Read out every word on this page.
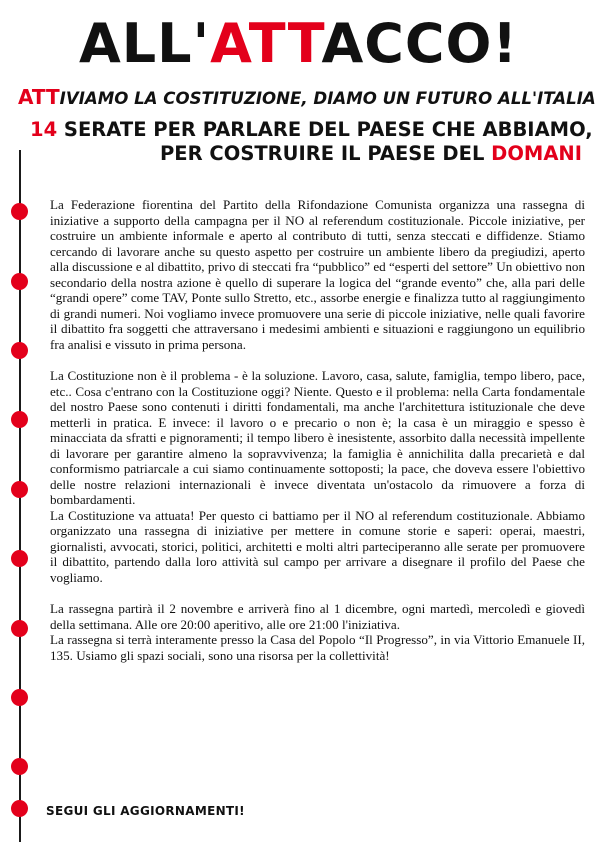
ALL'ATTACCO!
ATTIVIAMO LA COSTITUZIONE, DIAMO UN FUTURO ALL'ITALIA
14 SERATE PER PARLARE DEL PAESE CHE ABBIAMO,
PER COSTRUIRE IL PAESE DEL DOMANI

La Federazione fiorentina del Partito della Rifondazione Comunista organizza una rassegna di iniziative a supporto della campagna per il NO al referendum costituzionale. Piccole iniziative, per costruire un ambiente informale e aperto al contributo di tutti, senza steccati e diffidenze. Stiamo cercando di lavorare anche su questo aspetto per costruire un ambiente libero da pregiudizi, aperto alla discussione e al dibattito, privo di steccati fra “pubblico” ed “esperti del settore” Un obiettivo non secondario della nostra azione è quello di superare la logica del “grande evento” che, alla pari delle “grandi opere” come TAV, Ponte sullo Stretto, etc., assorbe energie e finalizza tutto al raggiungimento di grandi numeri. Noi vogliamo invece promuovere una serie di piccole iniziative, nelle quali favorire il dibattito fra soggetti che attraversano i medesimi ambienti e situazioni e raggiungono un equilibrio fra analisi e vissuto in prima persona.

La Costituzione non è il problema - è la soluzione. Lavoro, casa, salute, famiglia, tempo libero, pace, etc.. Cosa c'entrano con la Costituzione oggi? Niente. Questo e il problema: nella Carta fondamentale del nostro Paese sono contenuti i diritti fondamentali, ma anche l'architettura istituzionale che deve metterli in pratica. E invece: il lavoro o e precario o non è; la casa è un miraggio e spesso è minacciata da sfratti e pignoramenti; il tempo libero è inesistente, assorbito dalla necessità impellente di lavorare per garantire almeno la sopravvivenza; la famiglia è annichilita dalla precarietà e dal conformismo patriarcale a cui siamo continuamente sottoposti; la pace, che doveva essere l'obiettivo delle nostre relazioni internazionali è invece diventata un'ostacolo da rimuovere a forza di bombardamenti.

La Costituzione va attuata! Per questo ci battiamo per il NO al referendum costituzionale. Abbiamo organizzato una rassegna di iniziative per mettere in comune storie e saperi: operai, maestri, giornalisti, avvocati, storici, politici, architetti e molti altri parteciperanno alle serate per promuovere il dibattito, partendo dalla loro attività sul campo per arrivare a disegnare il profilo del Paese che vogliamo.

La rassegna partirà il 2 novembre e arriverà fino al 1 dicembre, ogni martedì, mercoledì e giovedì della settimana. Alle ore 20:00 aperitivo, alle ore 21:00 l'iniziativa.

La rassegna si terrà interamente presso la Casa del Popolo “Il Progresso”, in via Vittorio Emanuele II, 135. Usiamo gli spazi sociali, sono una risorsa per la collettività!

SEGUI GLI AGGIORNAMENTI!
